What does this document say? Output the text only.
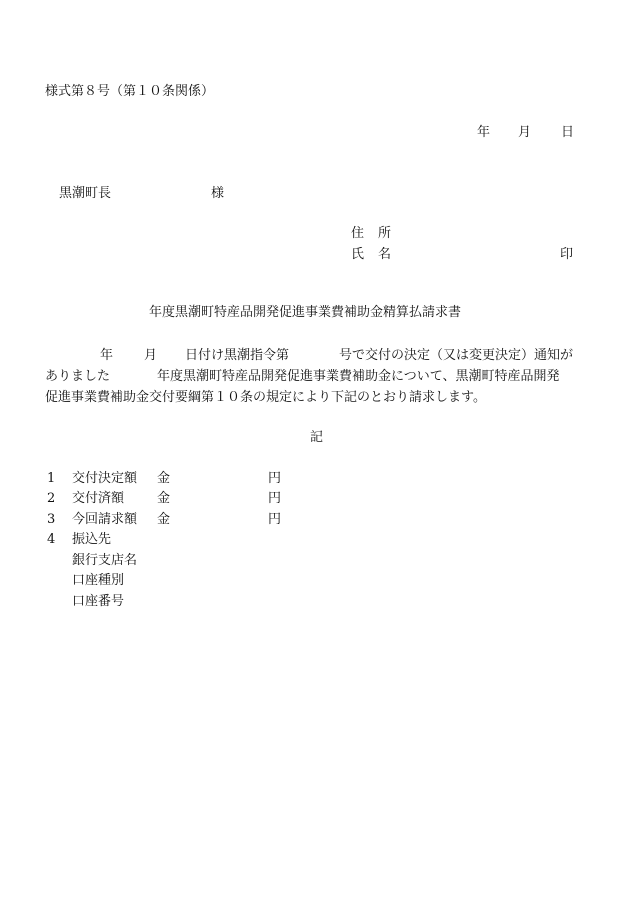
様式第８号（第１０条関係）
年 月 日
黒潮町長	様
住 所
氏 名	印
年度黒潮町特産品開発促進事業費補助金精算払請求書
年 月 日付け黒潮指令第	号で交付の決定（又は変更決定）通知が
ありました	年度黒潮町特産品開発促進事業費補助金について、黒潮町特産品開発
促進事業費補助金交付要綱第１０条の規定により下記のとおり請求します。
記
1 交付決定額 金	円
2 交付済額	金	円
3 今回請求額 金	円
4 振込先
銀行支店名
口座種別
口座番号
